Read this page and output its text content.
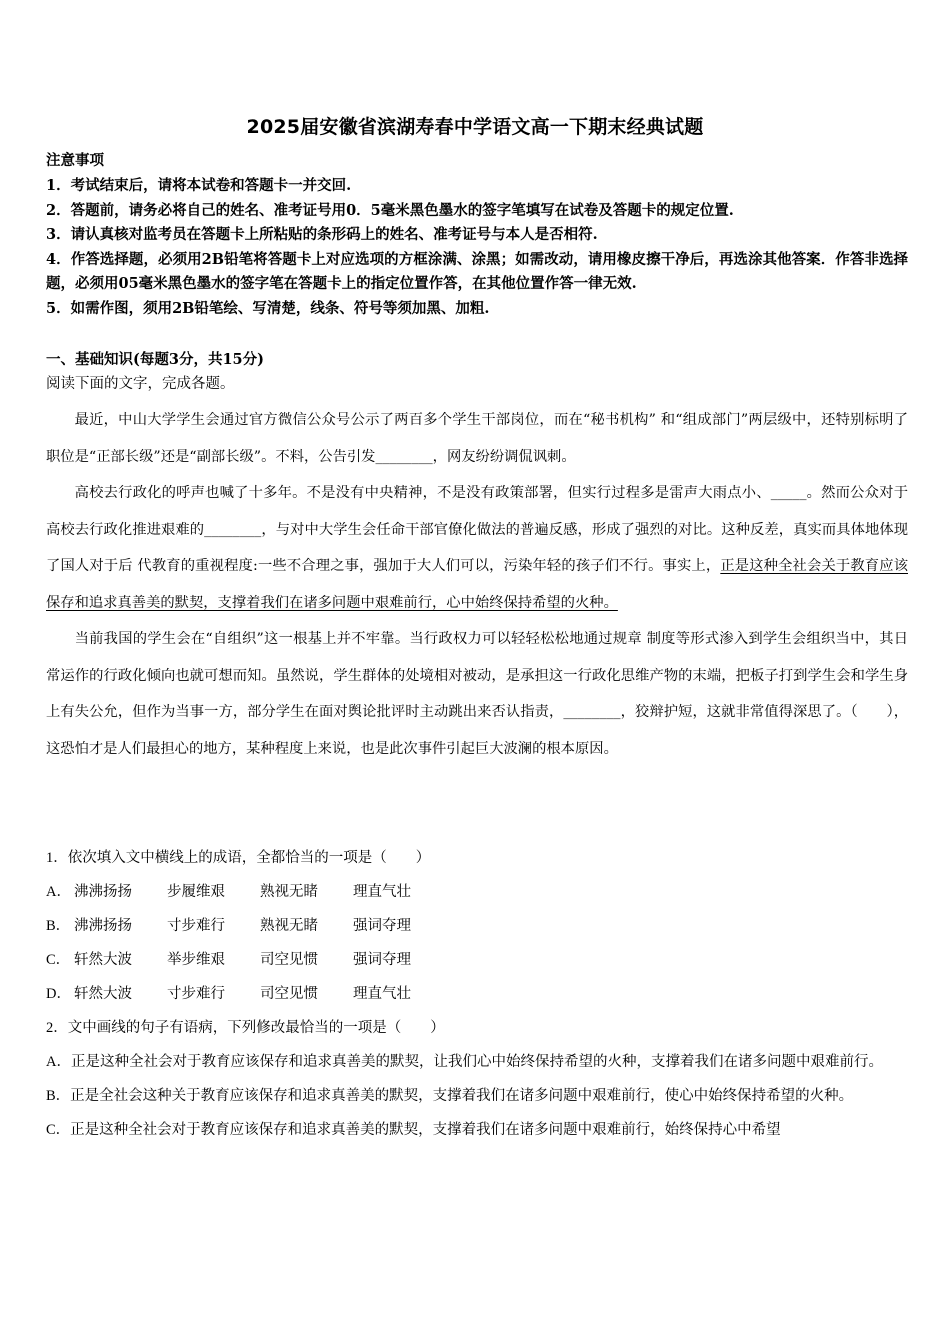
2025届安徽省滨湖寿春中学语文高一下期末经典试题
注意事项
1．考试结束后，请将本试卷和答题卡一并交回.
2．答题前，请务必将自己的姓名、准考证号用0．5毫米黑色墨水的签字笔填写在试卷及答题卡的规定位置.
3．请认真核对监考员在答题卡上所粘贴的条形码上的姓名、准考证号与本人是否相符.
4．作答选择题，必须用2B铅笔将答题卡上对应选项的方框涂满、涂黑；如需改动，请用橡皮擦干净后，再选涂其他答案．作答非选择题，必须用05毫米黑色墨水的签字笔在答题卡上的指定位置作答，在其他位置作答一律无效.
5．如需作图，须用2B铅笔绘、写清楚，线条、符号等须加黑、加粗.
一、基础知识(每题3分，共15分)
阅读下面的文字，完成各题。

最近，中山大学学生会通过官方微信公众号公示了两百多个学生干部岗位，而在“秘书机构” 和“组成部门”两层级中，还特别标明了职位是“正部长级”还是“副部长级”。不料，公告引发________，网友纷纷调侃讽刺。

高校去行政化的呼声也喊了十多年。不是没有中央精神，不是没有政策部署，但实行过程多是雷声大雨点小、_____。然而公众对于高校去行政化推进艰难的________，与对中大学生会任命干部官僚化做法的普遍反感，形成了强烈的对比。这种反差，真实而具体地体现了国人对于后 代教育的重视程度:一些不合理之事，强加于大人们可以，污染年轻的孩子们不行。事实上，正是这种全社会关于教育应该保存和追求真善美的默契，支撑着我们在诸多问题中艰难前行，心中始终保持希望的火种。

当前我国的学生会在“自组织”这一根基上并不牢靠。当行政权力可以轻轻松松地通过规章 制度等形式渗入到学生会组织当中，其日常运作的行政化倾向也就可想而知。虽然说，学生群体的处境相对被动，是承担这一行政化思维产物的末端，把板子打到学生会和学生身上有失公允，但作为当事一方，部分学生在面对舆论批评时主动跳出来否认指责，________，狡辩护短，这就非常值得深思了。（　　），这恐怕才是人们最担心的地方，某种程度上来说，也是此次事件引起巨大波澜的根本原因。

1．依次填入文中横线上的成语，全都恰当的一项是（　　）
A． 沸沸扬扬	步履维艰	熟视无睹	理直气壮
B． 沸沸扬扬	寸步难行	熟视无睹	强词夺理
C． 轩然大波	举步维艰	司空见惯	强词夺理
D． 轩然大波	寸步难行	司空见惯	理直气壮
2．文中画线的句子有语病，下列修改最恰当的一项是（　　）
A．正是这种全社会对于教育应该保存和追求真善美的默契，让我们心中始终保持希望的火种，支撑着我们在诸多问题中艰难前行。
B．正是全社会这种关于教育应该保存和追求真善美的默契，支撑着我们在诸多问题中艰难前行，使心中始终保持希望的火种。
C．正是这种全社会对于教育应该保存和追求真善美的默契，支撑着我们在诸多问题中艰难前行，始终保持心中希望
